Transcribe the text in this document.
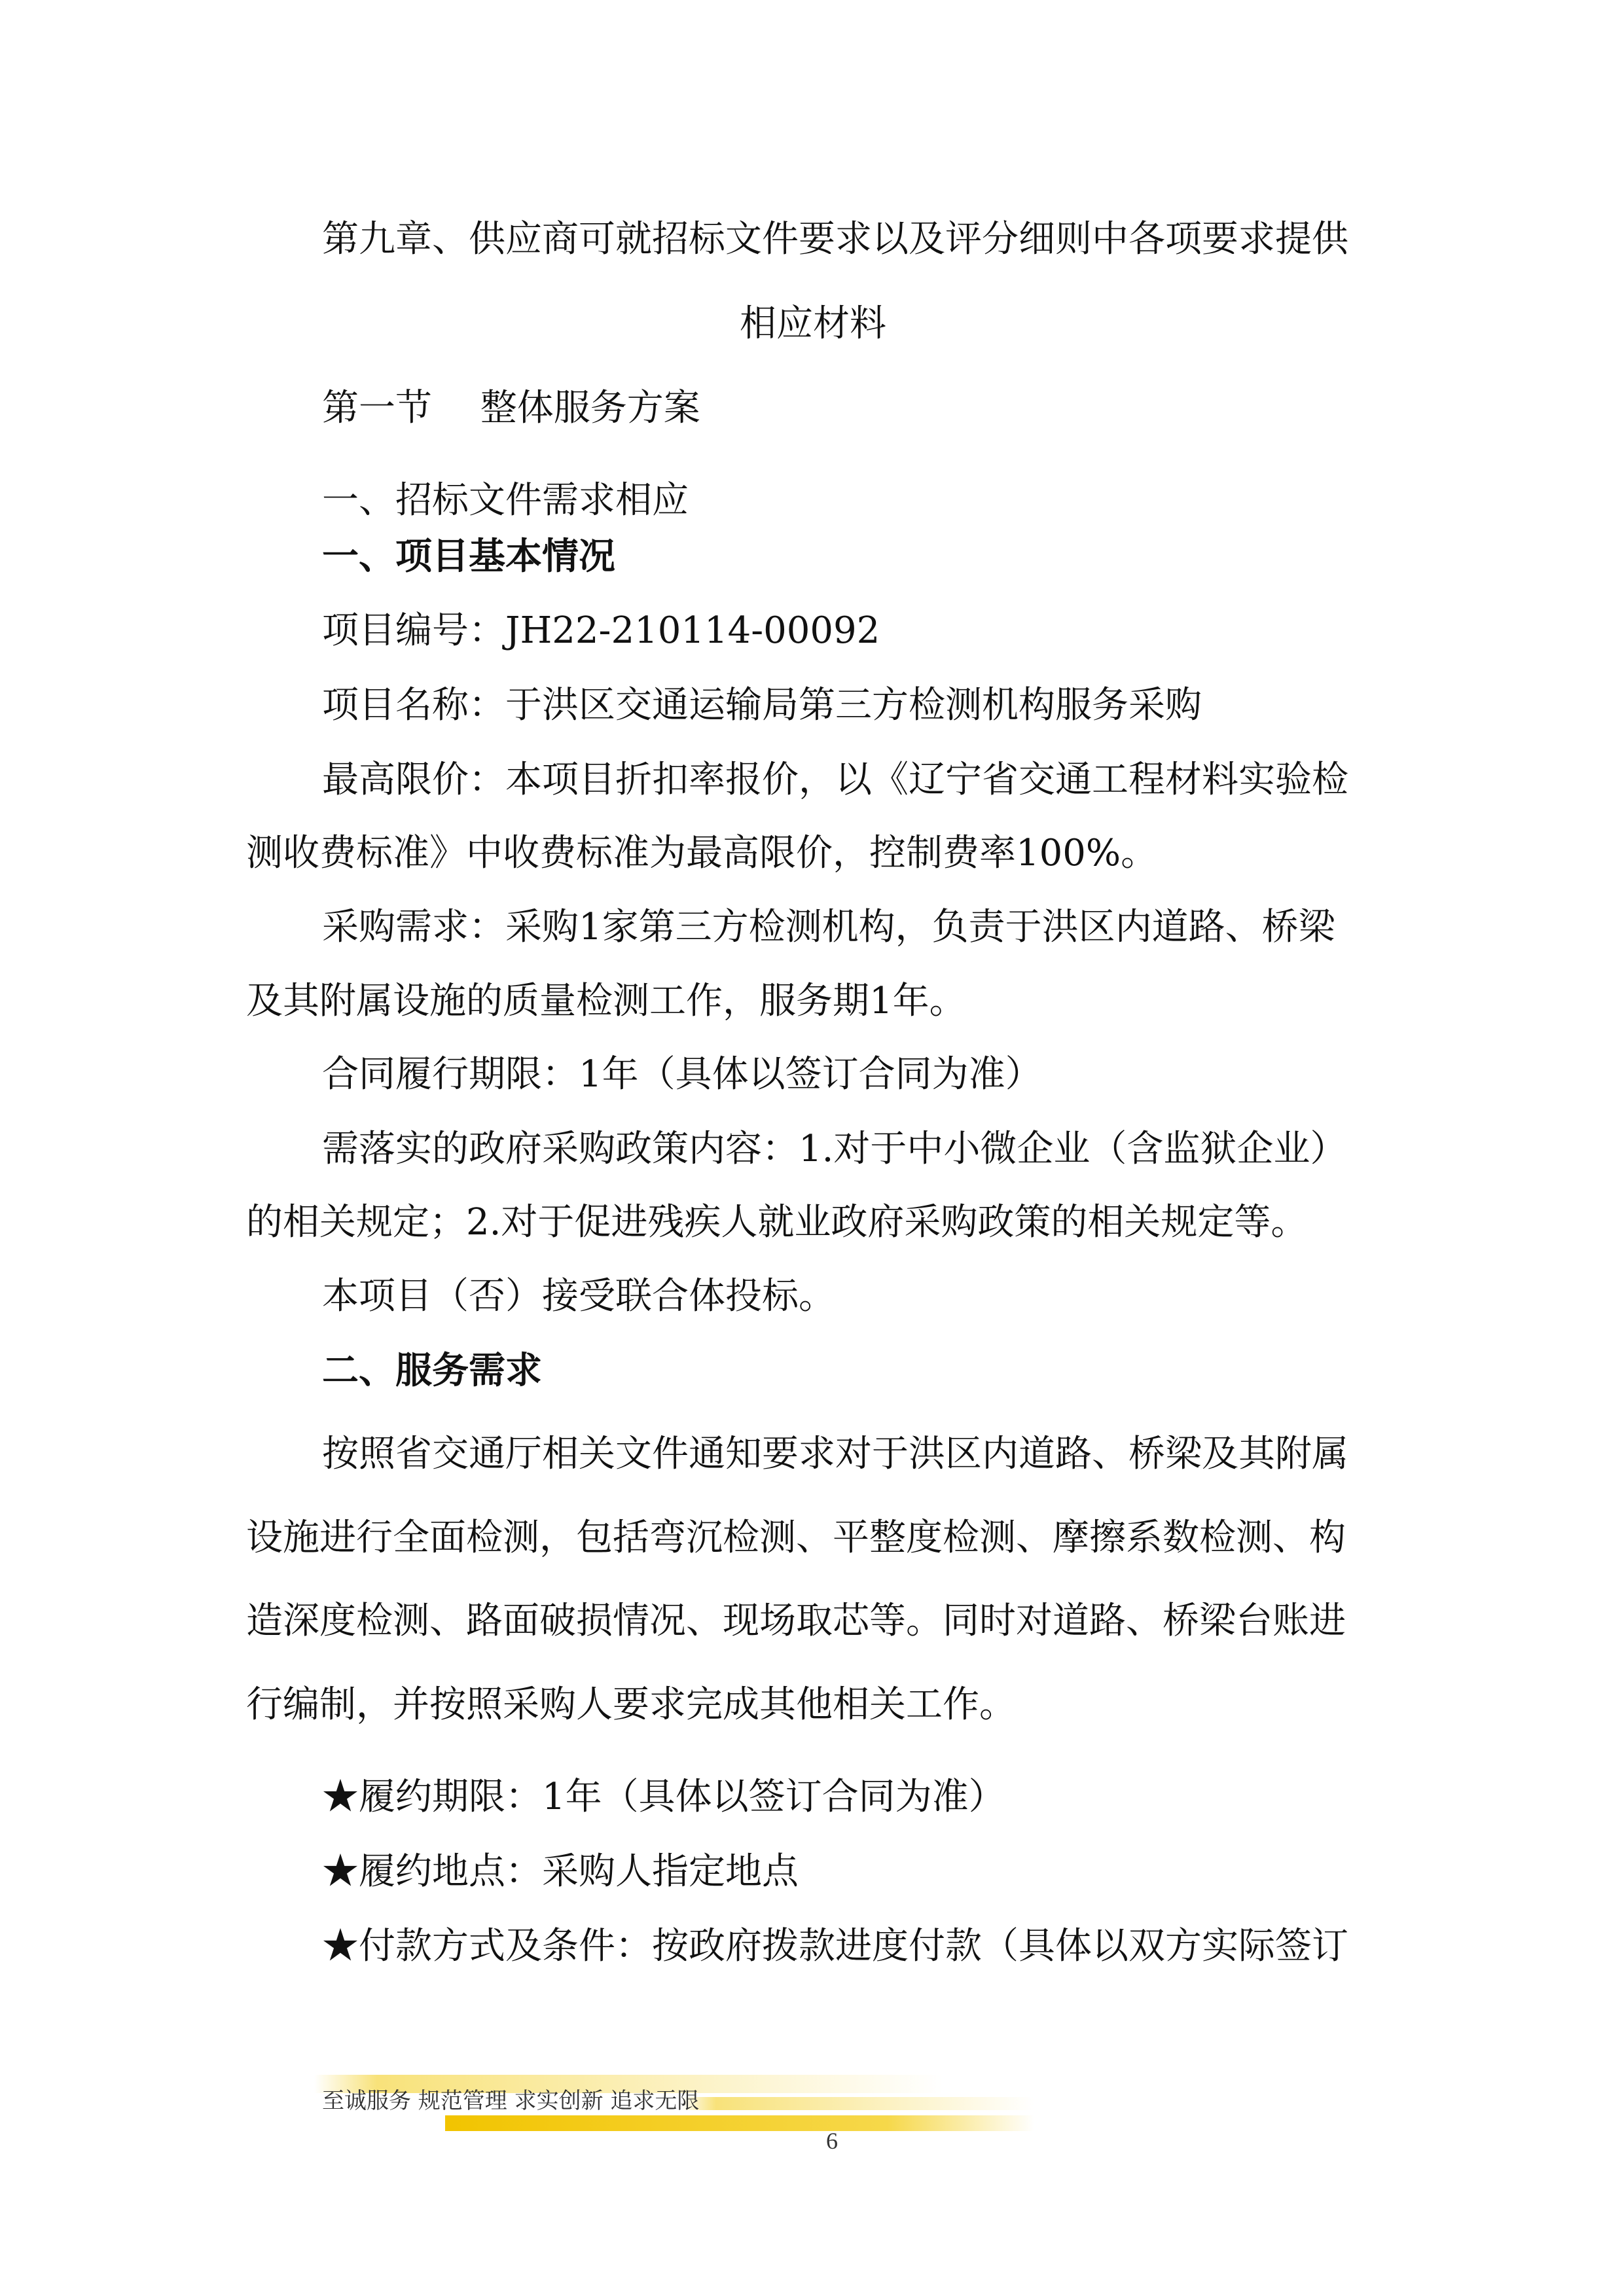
第九章、供应商可就招标文件要求以及评分细则中各项要求提供
相应材料
第一节　 整体服务方案
一、招标文件需求相应
一、项目基本情况
项目编号：JH22-210114-00092
项目名称：于洪区交通运输局第三方检测机构服务采购
最高限价：本项目折扣率报价，以《辽宁省交通工程材料实验检
测收费标准》中收费标准为最高限价，控制费率100%。
采购需求：采购1家第三方检测机构，负责于洪区内道路、桥梁
及其附属设施的质量检测工作，服务期1年。
合同履行期限：1年（具体以签订合同为准）
需落实的政府采购政策内容：1.对于中小微企业（含监狱企业）
的相关规定；2.对于促进残疾人就业政府采购政策的相关规定等。
本项目（否）接受联合体投标。
二、服务需求
按照省交通厅相关文件通知要求对于洪区内道路、桥梁及其附属
设施进行全面检测，包括弯沉检测、平整度检测、摩擦系数检测、构
造深度检测、路面破损情况、现场取芯等。同时对道路、桥梁台账进
行编制，并按照采购人要求完成其他相关工作。
★履约期限：1年（具体以签订合同为准）
★履约地点：采购人指定地点
★付款方式及条件：按政府拨款进度付款（具体以双方实际签订
至诚服务 规范管理 求实创新 追求无限
6
